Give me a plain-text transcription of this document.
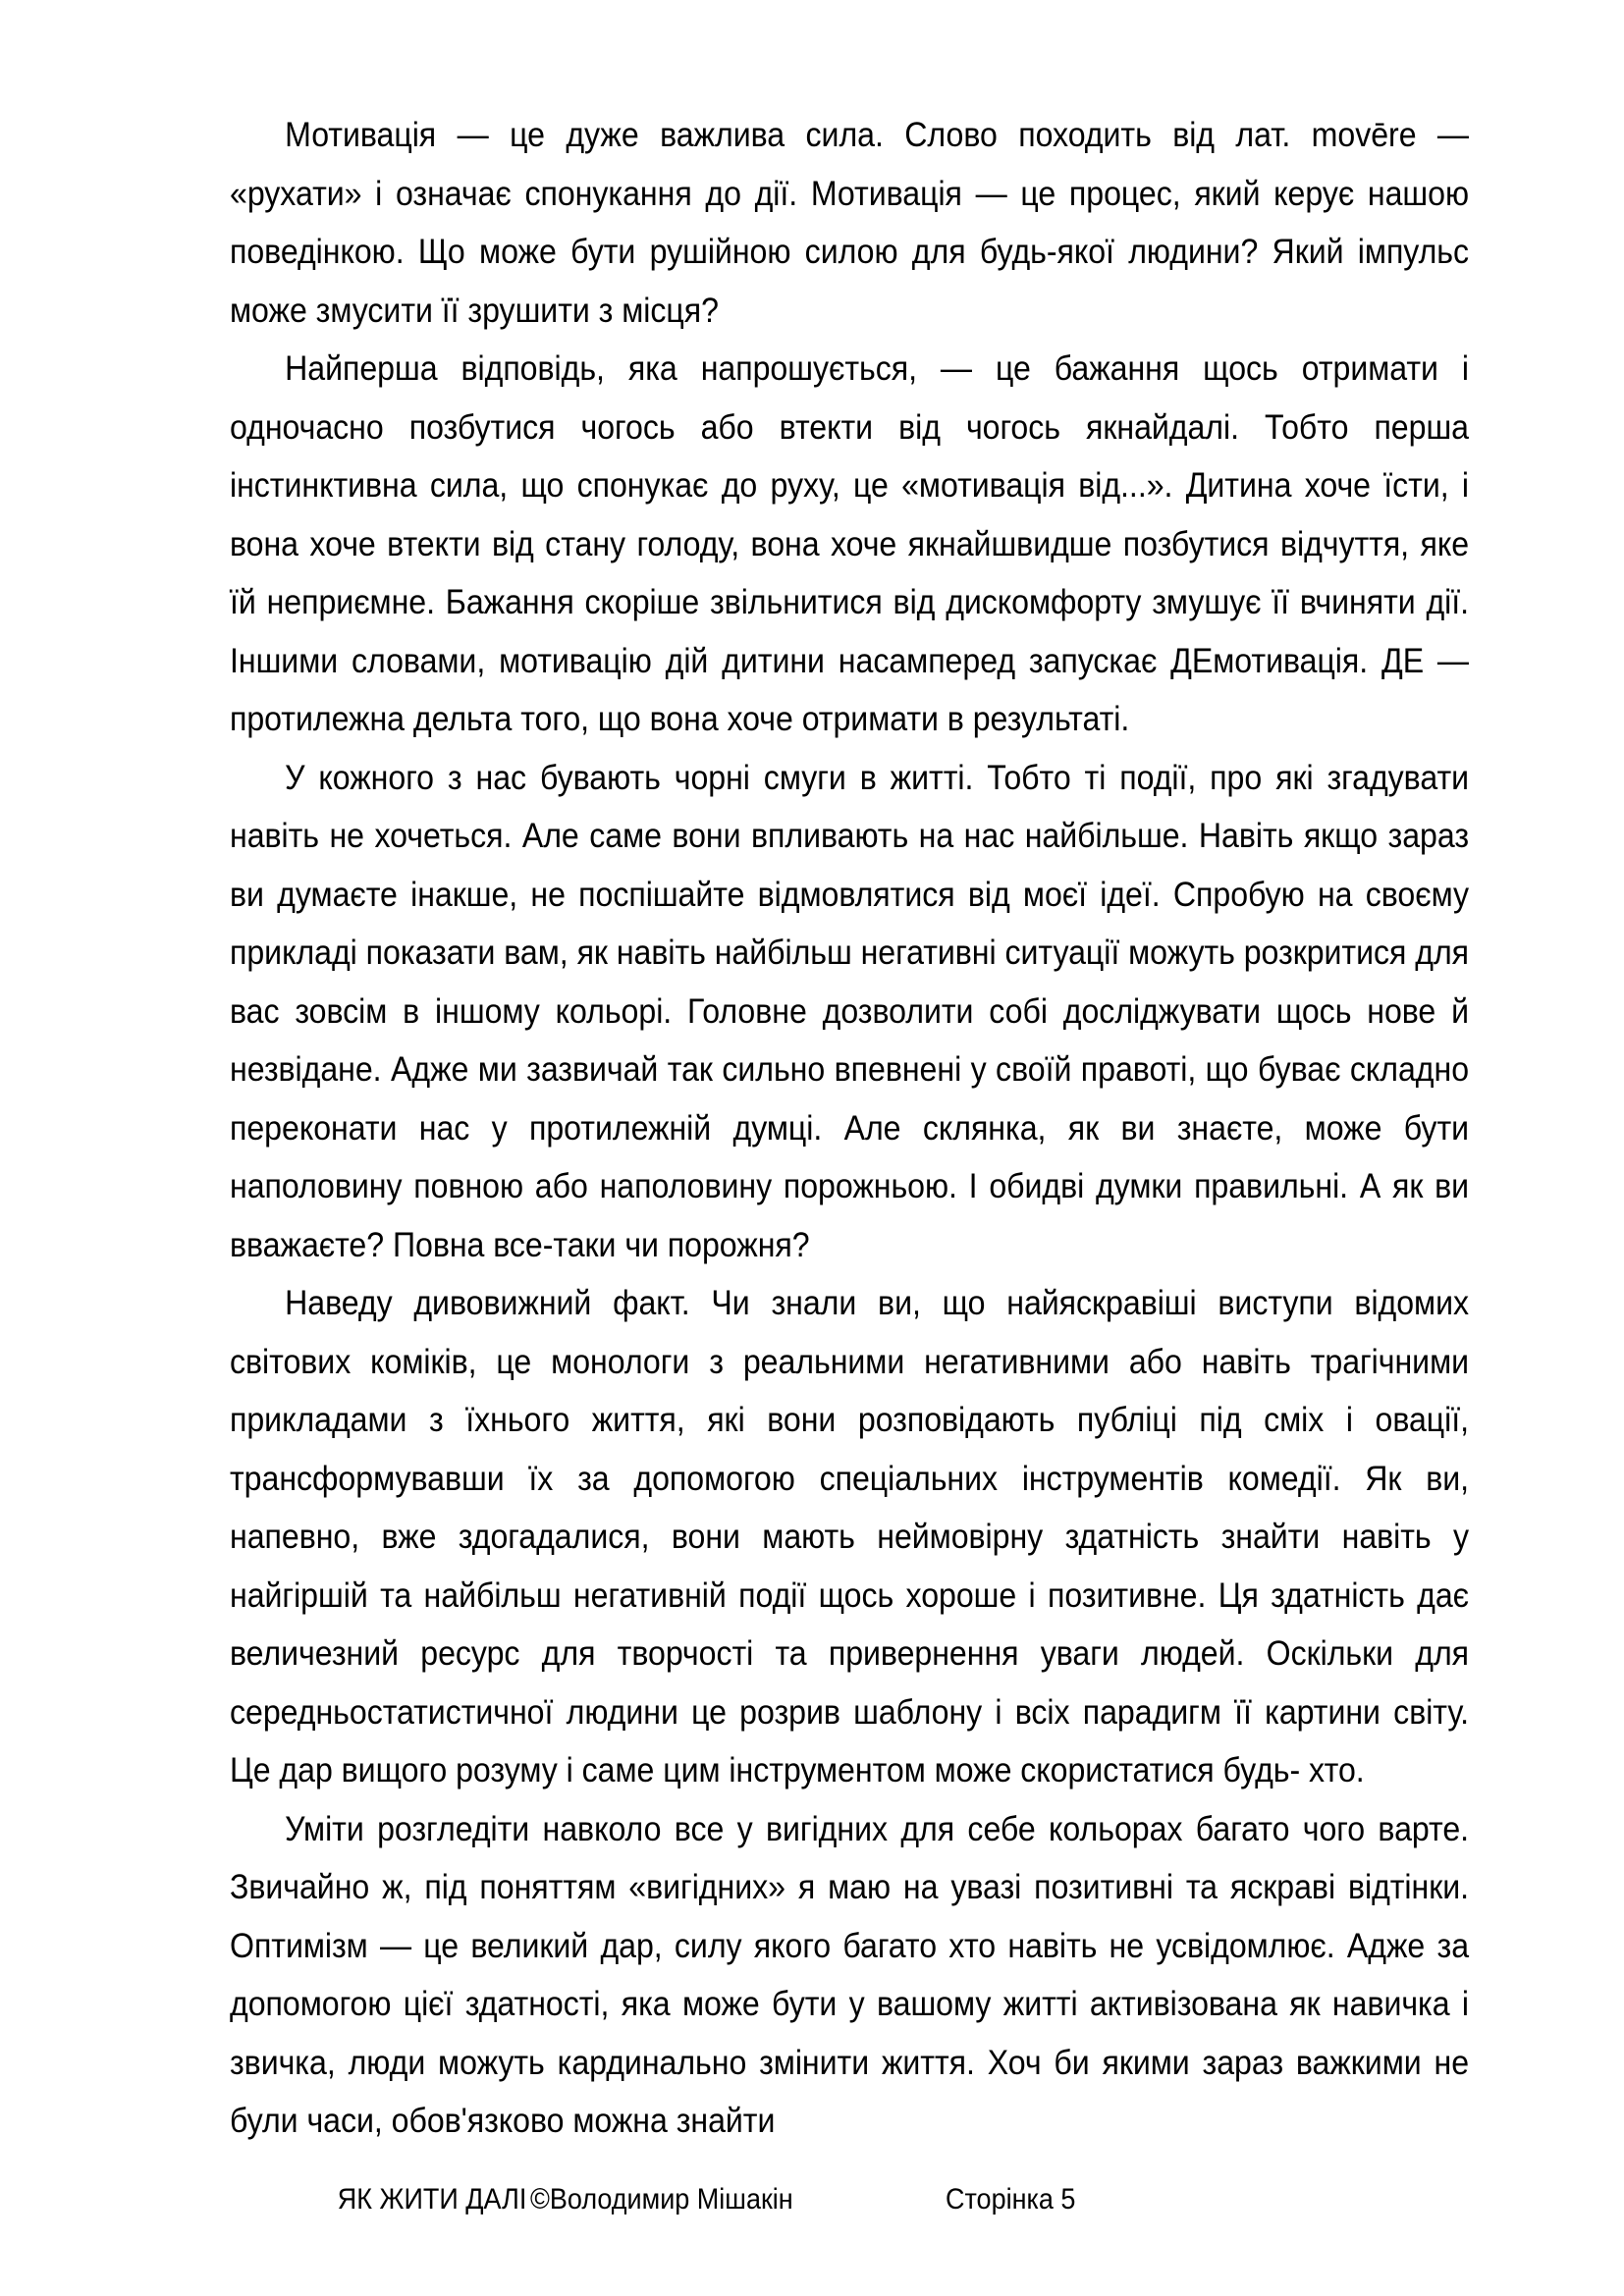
Мотивація — це дуже важлива сила. Слово походить від лат. movēre — «рухати» і означає спонукання до дії. Мотивація — це процес, який керує нашою поведінкою. Що може бути рушійною силою для будь-якої людини? Який імпульс може змусити її зрушити з місця?

Найперша відповідь, яка напрошується, — це бажання щось отримати і одночасно позбутися чогось або втекти від чогось якнайдалі. Тобто перша інстинктивна сила, що спонукає до руху, це «мотивація від...». Дитина хоче їсти, і вона хоче втекти від стану голоду, вона хоче якнайшвидше позбутися відчуття, яке їй неприємне. Бажання скоріше звільнитися від дискомфорту змушує її вчиняти дії. Іншими словами, мотивацію дій дитини насамперед запускає ДЕмотивація. ДЕ — протилежна дельта того, що вона хоче отримати в результаті.

У кожного з нас бувають чорні смуги в житті. Тобто ті події, про які згадувати навіть не хочеться. Але саме вони впливають на нас найбільше. Навіть якщо зараз ви думаєте інакше, не поспішайте відмовлятися від моєї ідеї. Спробую на своєму прикладі показати вам, як навіть найбільш негативні ситуації можуть розкритися для вас зовсім в іншому кольорі. Головне дозволити собі досліджувати щось нове й незвідане. Адже ми зазвичай так сильно впевнені у своїй правоті, що буває складно переконати нас у протилежній думці. Але склянка, як ви знаєте, може бути наполовину повною або наполовину порожньою. І обидві думки правильні. А як ви вважаєте? Повна все-таки чи порожня?

Наведу дивовижний факт. Чи знали ви, що найяскравіші виступи відомих світових коміків, це монологи з реальними негативними або навіть трагічними прикладами з їхнього життя, які вони розповідають публіці під сміх і овації, трансформувавши їх за допомогою спеціальних інструментів комедії. Як ви, напевно, вже здогадалися, вони мають неймовірну здатність знайти навіть у найгіршій та найбільш негативній події щось хороше і позитивне. Ця здатність дає величезний ресурс для творчості та привернення уваги людей. Оскільки для середньостатистичної людини це розрив шаблону і всіх парадигм її картини світу. Це дар вищого розуму і саме цим інструментом може скористатися будь- хто.

Уміти розгледіти навколо все у вигідних для себе кольорах багато чого варте. Звичайно ж, під поняттям «вигідних» я маю на увазі позитивні та яскраві відтінки. Оптимізм — це великий дар, силу якого багато хто навіть не усвідомлює. Адже за допомогою цієї здатності, яка може бути у вашому житті активізована як навичка і звичка, люди можуть кардинально змінити життя. Хоч би якими зараз важкими не були часи, обов'язково можна знайти

ЯК ЖИТИ ДАЛІ ©Володимир Мішакін	Сторінка 5
